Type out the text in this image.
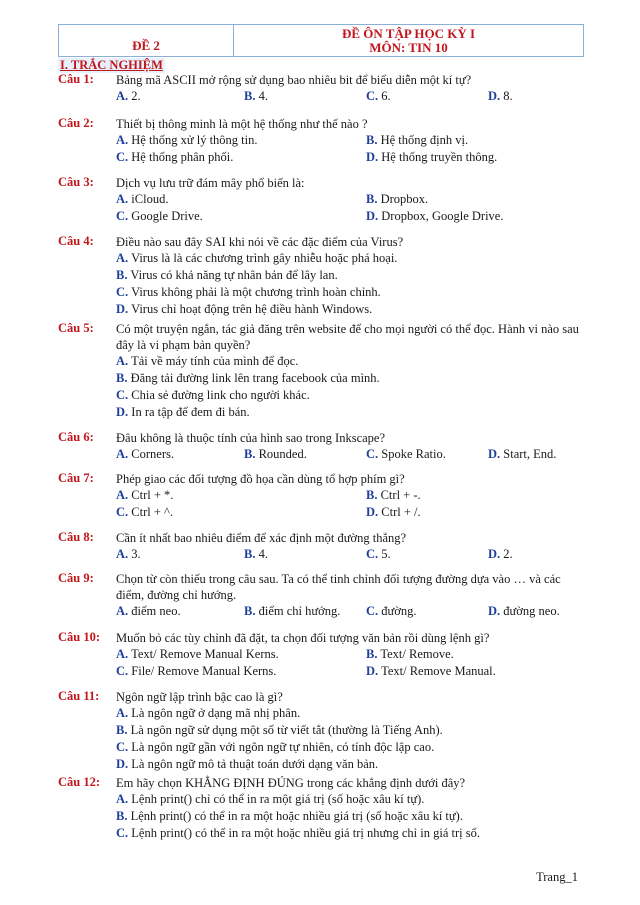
ĐỀ 2
ĐỀ ÔN TẬP HỌC KỲ I
MÔN: TIN 10
I. TRẮC NGHIỆM
Câu 1: Bảng mã ASCII mở rộng sử dụng bao nhiêu bit để biểu diễn một kí tự?
A. 2.	B. 4.	C. 6.	D. 8.
Câu 2: Thiết bị thông minh là một hệ thống như thế nào ?
A. Hệ thống xử lý thông tin.	B. Hệ thống định vị.
C. Hệ thống phân phối.	D. Hệ thống truyền thông.
Câu 3: Dịch vụ lưu trữ đám mây phổ biến là:
A. iCloud.	B. Dropbox.
C. Google Drive.	D. Dropbox, Google Drive.
Câu 4: Điều nào sau đây SAI khi nói về các đặc điểm của Virus?
A. Virus là là các chương trình gây nhiễu hoặc phá hoại.
B. Virus có khả năng tự nhân bản để lây lan.
C. Virus không phải là một chương trình hoàn chỉnh.
D. Virus chỉ hoạt động trên hệ điều hành Windows.
Câu 5: Có một truyện ngắn, tác giả đăng trên website để cho mọi người có thể đọc. Hành vi nào sau đây là vi phạm bản quyền?
A. Tải về máy tính của mình để đọc.
B. Đăng tải đường link lên trang facebook của mình.
C. Chia sẻ đường link cho người khác.
D. In ra tập để đem đi bán.
Câu 6: Đâu không là thuộc tính của hình sao trong Inkscape?
A. Corners.	B. Rounded.	C. Spoke Ratio.	D. Start, End.
Câu 7: Phép giao các đối tượng đồ họa cần dùng tổ hợp phím gì?
A. Ctrl + *.	B. Ctrl + -.
C. Ctrl + ^.	D. Ctrl + /.
Câu 8: Cần ít nhất bao nhiêu điểm để xác định một đường thẳng?
A. 3.	B. 4.	C. 5.	D. 2.
Câu 9: Chọn từ còn thiếu trong câu sau. Ta có thể tinh chỉnh đối tượng đường dựa vào … và các điểm, đường chỉ hướng.
A. điểm neo.	B. điểm chỉ hướng. C. đường.	D. đường neo.
Câu 10: Muốn bỏ các tùy chỉnh đã đặt, ta chọn đối tượng văn bản rồi dùng lệnh gì?
A. Text/ Remove Manual Kerns.	B. Text/ Remove.
C. File/ Remove Manual Kerns.	D. Text/ Remove Manual.
Câu 11: Ngôn ngữ lập trình bậc cao là gì?
A. Là ngôn ngữ ở dạng mã nhị phân.
B. Là ngôn ngữ sử dụng một số từ viết tắt (thường là Tiếng Anh).
C. Là ngôn ngữ gần với ngôn ngữ tự nhiên, có tính độc lập cao.
D. Là ngôn ngữ mô tả thuật toán dưới dạng văn bản.
Câu 12: Em hãy chọn KHẲNG ĐỊNH ĐÚNG trong các khẳng định dưới đây?
A. Lệnh print() chỉ có thể in ra một giá trị (số hoặc xâu kí tự).
B. Lệnh print() có thể in ra một hoặc nhiều giá trị (số hoặc xâu kí tự).
C. Lệnh print() có thể in ra một hoặc nhiều giá trị nhưng chỉ in giá trị số.
Trang_1
